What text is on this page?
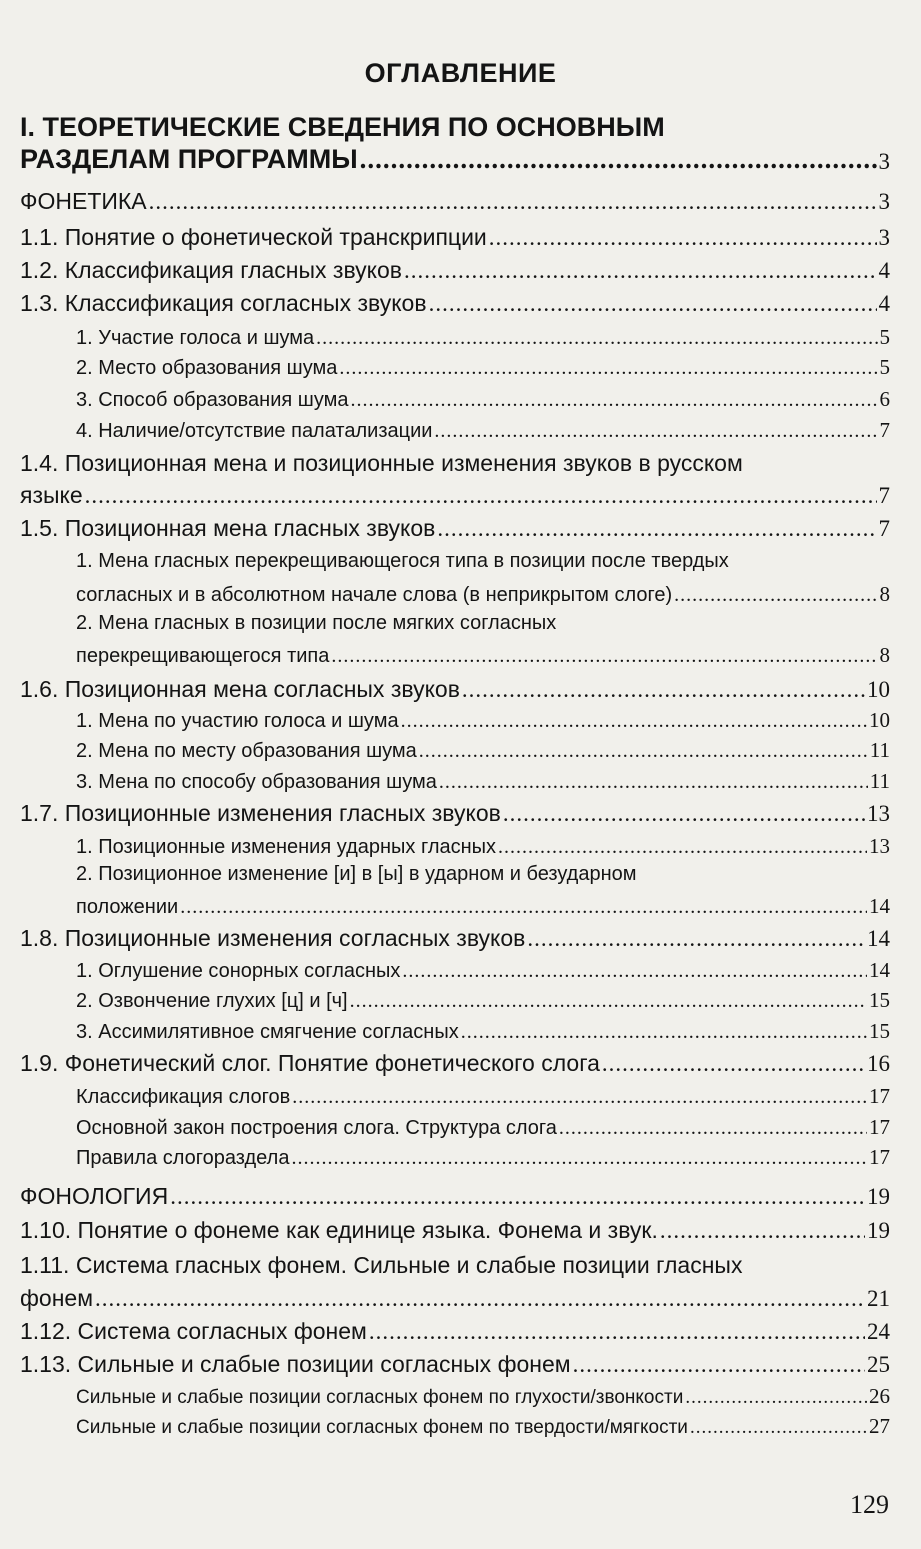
ОГЛАВЛЕНИЕ
I. ТЕОРЕТИЧЕСКИЕ СВЕДЕНИЯ ПО ОСНОВНЫМ
РАЗДЕЛАМ ПРОГРАММЫ .....	3
ФОНЕТИКА .....	3
1.1. Понятие о фонетической транскрипции .....	3
1.2. Классификация гласных звуков .....	4
1.3. Классификация согласных звуков .....	4
1. Участие голоса и шума .....	5
2. Место образования шума .....	5
3. Способ образования шума .....	6
4. Наличие/отсутствие палатализации .....	7
1.4. Позиционная мена и позиционные изменения звуков в русском
языке .....	7
1.5. Позиционная мена гласных звуков .....	7
1. Мена гласных перекрещивающегося типа в позиции после твердых
согласных и в абсолютном начале слова (в неприкрытом слоге) .....	8
2. Мена гласных в позиции после мягких согласных
перекрещивающегося типа .....	8
1.6. Позиционная мена согласных звуков .....	10
1. Мена по участию голоса и шума .....	10
2. Мена по месту образования шума .....	11
3. Мена по способу образования шума .....	11
1.7. Позиционные изменения гласных звуков .....	13
1. Позиционные изменения ударных гласных .....	13
2. Позиционное изменение [и] в [ы] в ударном и безударном
положении .....	14
1.8. Позиционные изменения согласных звуков .....	14
1. Оглушение сонорных согласных .....	14
2. Озвончение глухих [ц] и [ч] .....	15
3. Ассимилятивное смягчение согласных .....	15
1.9. Фонетический слог. Понятие фонетического слога .....	16
Классификация слогов .....	17
Основной закон построения слога. Структура слога .....	17
Правила слогораздела .....	17
ФОНОЛОГИЯ .....	19
1.10. Понятие о фонеме как единице языка. Фонема и звук. .....	19
1.11. Система гласных фонем. Сильные и слабые позиции гласных
фонем .....	21
1.12. Система согласных фонем .....	24
1.13. Сильные и слабые позиции согласных фонем .....	25
Сильные и слабые позиции согласных фонем по глухости/звонкости .....	26
Сильные и слабые позиции согласных фонем по твердости/мягкости .....	27
129
